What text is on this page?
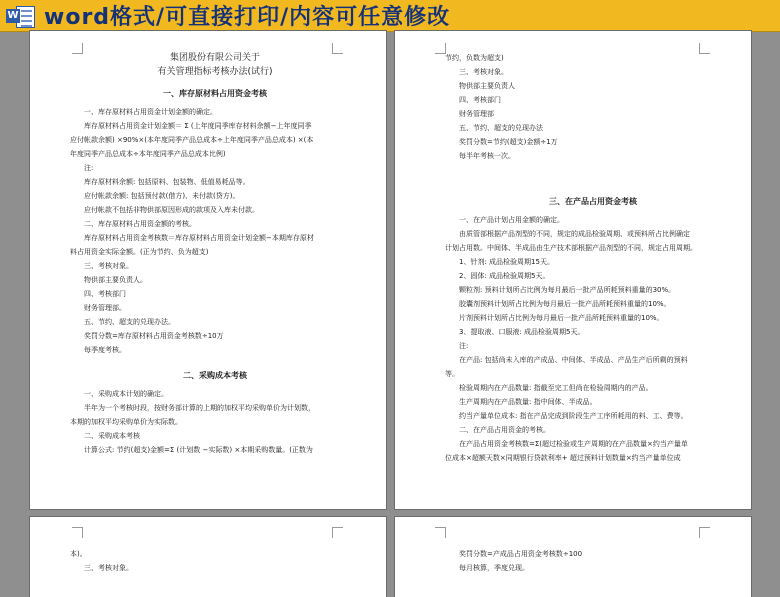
W word格式/可直接打印/内容可任意修改

集团股份有限公司关于

有关管理指标考核办法(试行)

一、库存原材料占用资金考核

一、库存原材料占用资金计划金额的确定。

库存原材料占用资金计划金额＝ Σ (上年度同季库存材料余额−上年度同季

应付帐款余额) ×90%×(本年度同季产品总成本÷上年度同季产品总成本) ×(本

年度同季产品总成本÷本年度同季产品总成本比例)

注:

库存原材料余额: 包括原料、包装物、低值易耗品等。

应付帐款余额: 包括预付款(借方)、未付款(贷方)。

应付帐款不包括非物供部原因形成的款项及入库未付款。

二、库存原材料占用资金额的考核。

库存原材料占用资金考核数＝库存原材料占用资金计划金额−本期库存原材

料占用资金实际金额。(正为节约、负为超支)

三、考核对象。

物供部主要负责人。

四、考核部门

财务管理部。

五、节约、超支的兑现办法。

奖罚分数=库存原材料占用资金考核数÷10万

每季度考核。

二、采购成本考核

一、采购成本计划的确定。

半年为一个考核时段，按财务部计算的上期的加权平均采购单价为计划数，

本期的加权平均采购单价为实际数。

二、采购成本考核

计算公式: 节约(超支)金额=Σ (计划数 −实际数) ×本期采购数量。(正数为

节约，负数为超支)

三、考核对象。

物供部主要负责人

四、考核部门

财务管理部

五、节约、超支的兑现办法

奖罚分数=节约(超支)金额÷1万

每半年考核一次。

三、在产品占用资金考核

一、在产品计划占用金额的确定。

由质管部根据产品剂型的不同，规定的成品检验周期、或预料所占比例确定

计划占用数。中间体、半成品由生产技术部根据产品剂型的不同，规定占用周期。

1、针剂: 成品检验周期15天。

2、固体: 成品检验周期5天。

颗粒剂: 预料计划所占比例为每月最后一批产品所耗预料重量的30%。

胶囊剂预料计划所占比例为每月最后一批产品所耗预料重量的10%。

片剂预料计划所占比例为每月最后一批产品所耗预料重量的10%。

3、提取液、口服液: 成品检验周期5天。

注:

在产品: 包括尚未入库的产成品、中间体、半成品、产品生产后所剩的预料

等。

检验周期内在产品数量: 指截至完工但尚在检验周期内的产品。

生产周期内在产品数量: 指中间体、半成品。

约当产量单位成本: 指在产品完成到阶段生产工序所耗用的料、工、费等。

二、在产品占用资金的考核。

在产品占用资金考核数=Σ(超过检验或生产周期的在产品数量×约当产量单

位成本×超额天数×同期银行贷款利率+ 超过预料计划数量×约当产量单位成

本)。

三、考核对象。

奖罚分数=产成品占用资金考核数÷100

每月核算，季度兑现。
